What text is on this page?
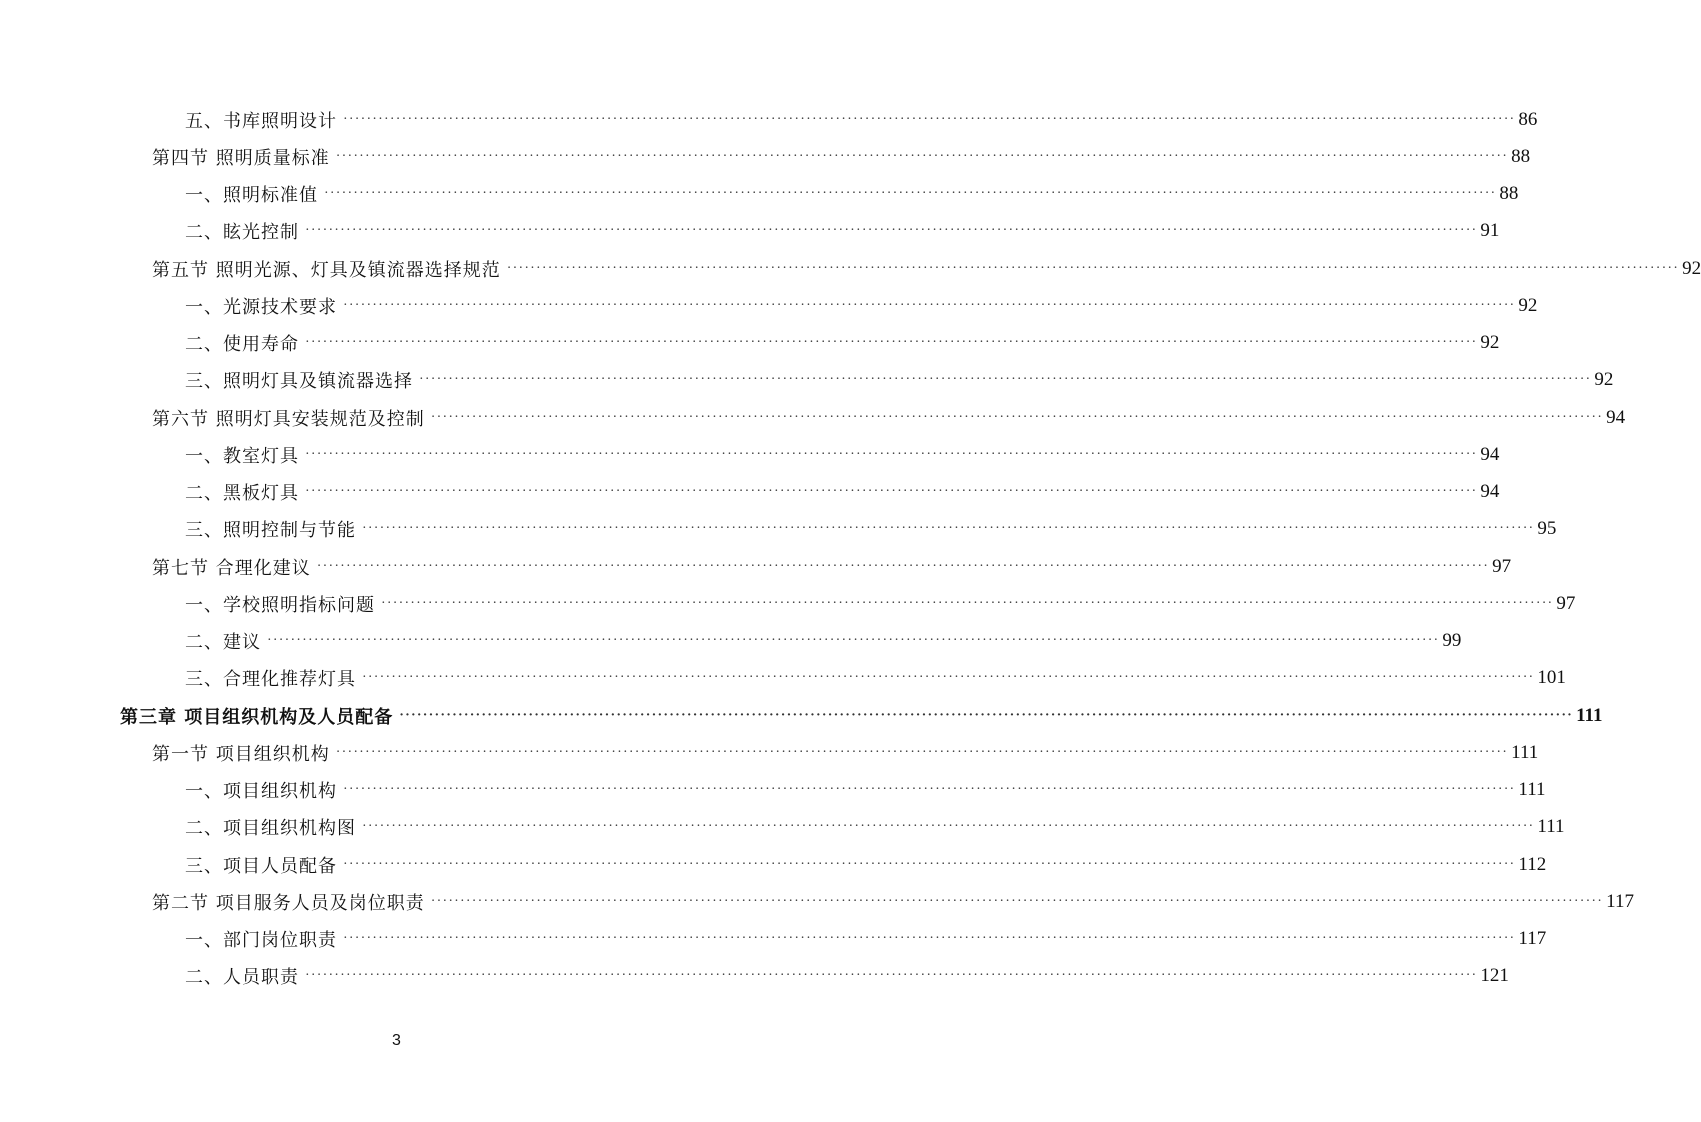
五、书库照明设计 ········································································································································································································ 86
第四节 照明质量标准 ········································································································································································································ 88
一、照明标准值 ········································································································································································································ 88
二、眩光控制 ········································································································································································································ 91
第五节 照明光源、灯具及镇流器选择规范 ········································································································································································································ 92
一、光源技术要求 ········································································································································································································ 92
二、使用寿命 ········································································································································································································ 92
三、照明灯具及镇流器选择 ········································································································································································································ 92
第六节 照明灯具安装规范及控制 ········································································································································································································ 94
一、教室灯具 ········································································································································································································ 94
二、黑板灯具 ········································································································································································································ 94
三、照明控制与节能 ········································································································································································································ 95
第七节 合理化建议 ········································································································································································································ 97
一、学校照明指标问题 ········································································································································································································ 97
二、建议 ········································································································································································································ 99
三、合理化推荐灯具 ········································································································································································································ 101
第三章 项目组织机构及人员配备 ········································································································································································································ 111
第一节 项目组织机构 ········································································································································································································ 111
一、项目组织机构 ········································································································································································································ 111
二、项目组织机构图 ········································································································································································································ 111
三、项目人员配备 ········································································································································································································ 112
第二节 项目服务人员及岗位职责 ········································································································································································································ 117
一、部门岗位职责 ········································································································································································································ 117
二、人员职责 ········································································································································································································ 121
3
